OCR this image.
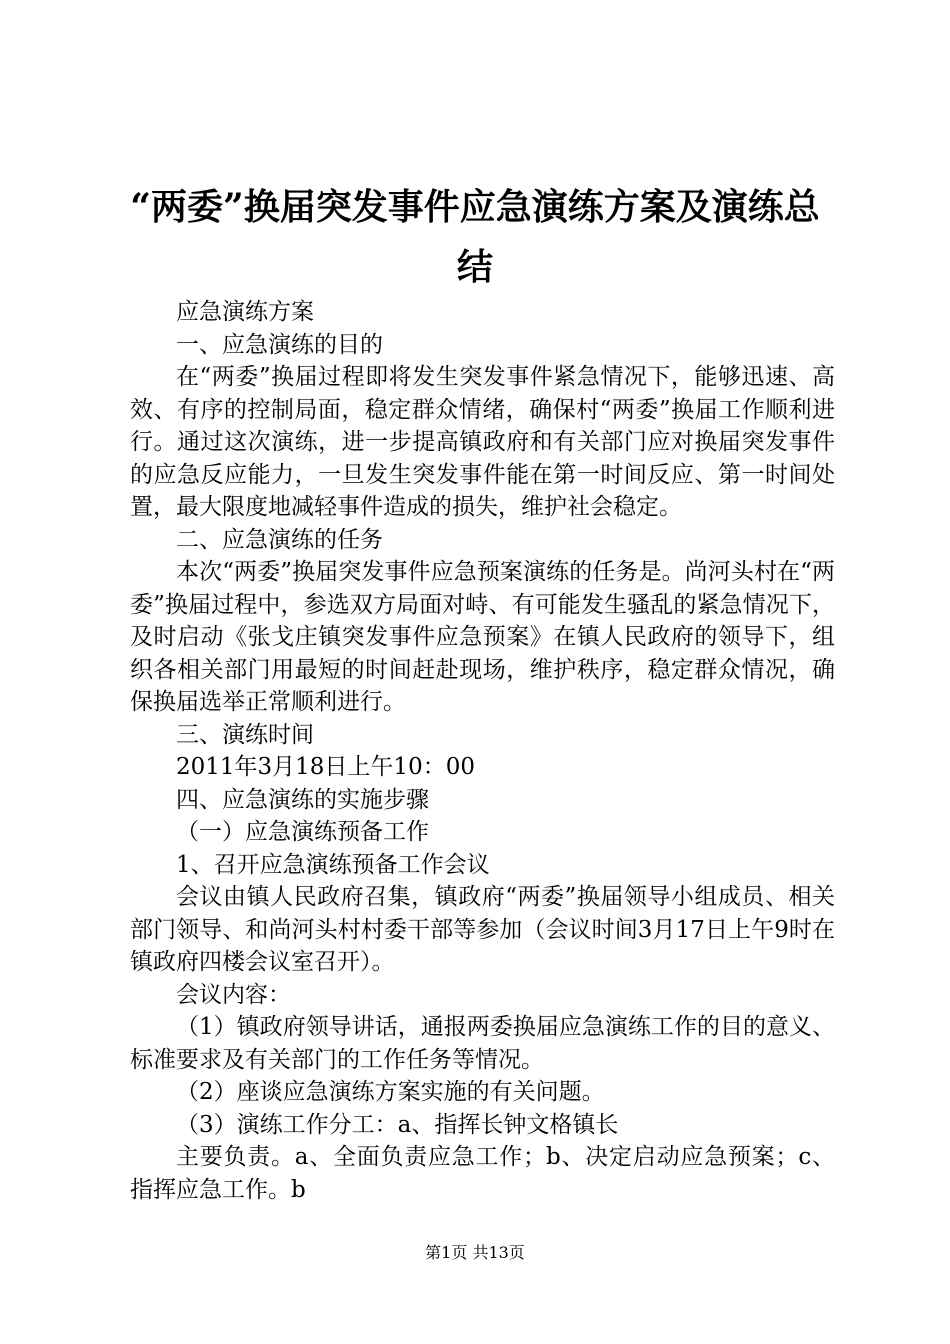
“两委”换届突发事件应急演练方案及演练总
结

应急演练方案

一、应急演练的目的

在“两委”换届过程即将发生突发事件紧急情况下，能够迅速、高效、有序的控制局面，稳定群众情绪，确保村“两委”换届工作顺利进行。通过这次演练，进一步提高镇政府和有关部门应对换届突发事件的应急反应能力，一旦发生突发事件能在第一时间反应、第一时间处置，最大限度地减轻事件造成的损失，维护社会稳定。

二、应急演练的任务

本次“两委”换届突发事件应急预案演练的任务是。尚河头村在“两委”换届过程中，参选双方局面对峙、有可能发生骚乱的紧急情况下，及时启动《张戈庄镇突发事件应急预案》在镇人民政府的领导下，组织各相关部门用最短的时间赶赴现场，维护秩序，稳定群众情况，确保换届选举正常顺利进行。

三、演练时间

2011年3月18日上午10：00

四、应急演练的实施步骤

（一）应急演练预备工作

1、召开应急演练预备工作会议

会议由镇人民政府召集，镇政府“两委”换届领导小组成员、相关部门领导、和尚河头村村委干部等参加（会议时间3月17日上午9时在镇政府四楼会议室召开）。

会议内容：

（1）镇政府领导讲话，通报两委换届应急演练工作的目的意义、标准要求及有关部门的工作任务等情况。

（2）座谈应急演练方案实施的有关问题。

（3）演练工作分工：a、指挥长钟文格镇长

主要负责。a、全面负责应急工作；b、决定启动应急预案；c、指挥应急工作。b

第1页 共13页
